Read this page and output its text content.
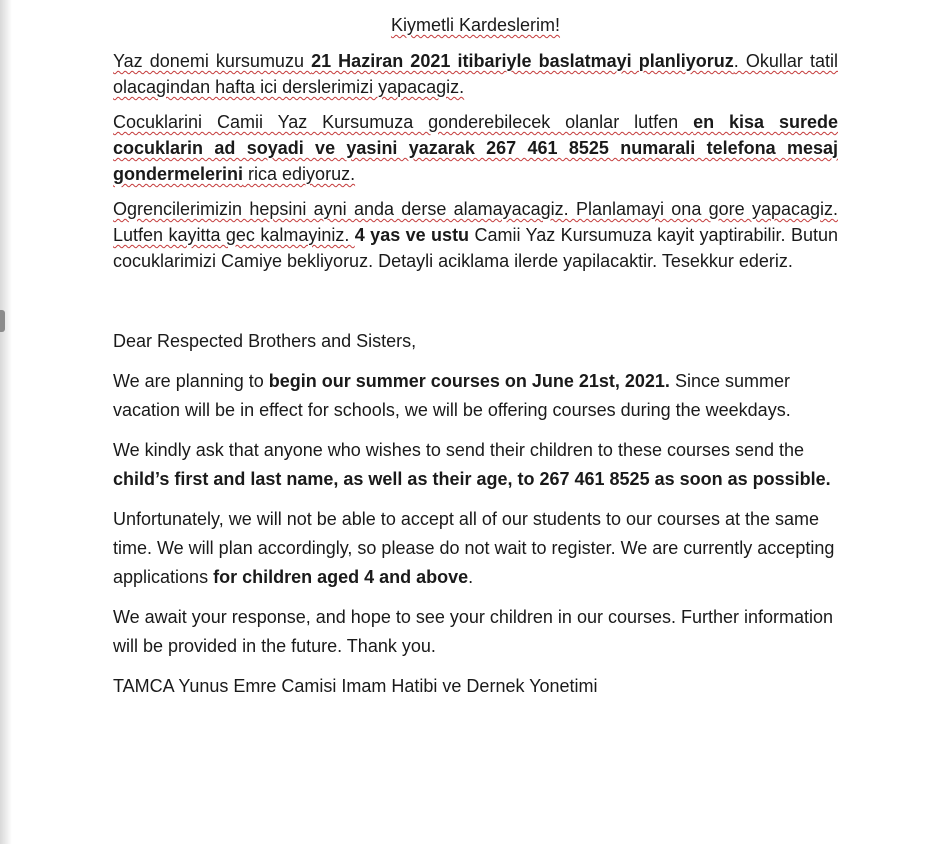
Kiymetli Kardeslerim!

Yaz donemi kursumuzu 21 Haziran 2021 itibariyle baslatmayi planliyoruz. Okullar tatil olacagindan hafta ici derslerimizi yapacagiz.

Cocuklarini Camii Yaz Kursumuza gonderebilecek olanlar lutfen en kisa surede cocuklarin ad soyadi ve yasini yazarak 267 461 8525 numarali telefona mesaj gondermelerini rica ediyoruz.

Ogrencilerimizin hepsini ayni anda derse alamayacagiz. Planlamayi ona gore yapacagiz. Lutfen kayitta gec kalmayiniz. 4 yas ve ustu Camii Yaz Kursumuza kayit yaptirabilir. Butun cocuklarimizi Camiye bekliyoruz. Detayli aciklama ilerde yapilacaktir. Tesekkur ederiz.

Dear Respected Brothers and Sisters,

We are planning to begin our summer courses on June 21st, 2021. Since summer vacation will be in effect for schools, we will be offering courses during the weekdays.

We kindly ask that anyone who wishes to send their children to these courses send the child’s first and last name, as well as their age, to 267 461 8525 as soon as possible.

Unfortunately, we will not be able to accept all of our students to our courses at the same time. We will plan accordingly, so please do not wait to register. We are currently accepting applications for children aged 4 and above.

We await your response, and hope to see your children in our courses. Further information will be provided in the future. Thank you.

TAMCA Yunus Emre Camisi Imam Hatibi ve Dernek Yonetimi
